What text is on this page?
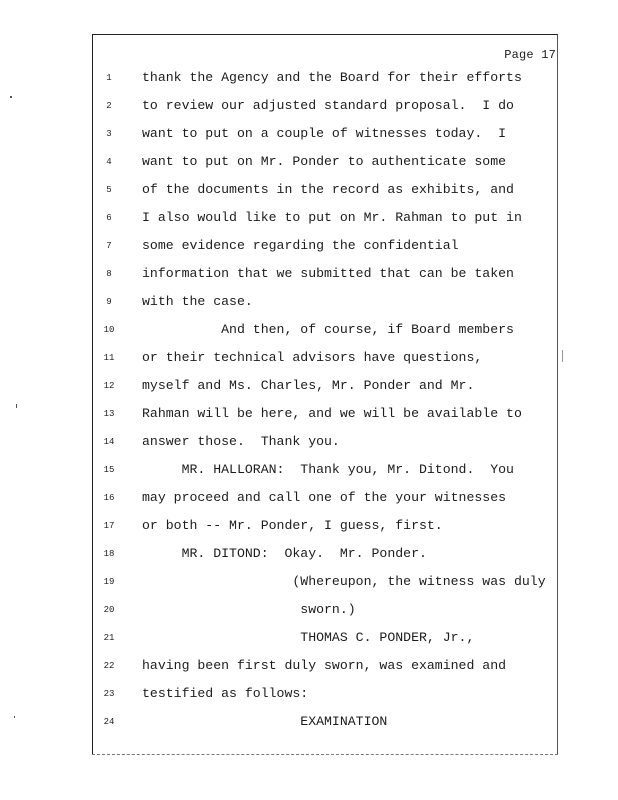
Page 17
1	thank the Agency and the Board for their efforts
2	to review our adjusted standard proposal.  I do
3	want to put on a couple of witnesses today.  I
4	want to put on Mr. Ponder to authenticate some
5	of the documents in the record as exhibits, and
6	I also would like to put on Mr. Rahman to put in
7	some evidence regarding the confidential
8	information that we submitted that can be taken
9	with the case.
10	And then, of course, if Board members
11	or their technical advisors have questions,
12	myself and Ms. Charles, Mr. Ponder and Mr.
13	Rahman will be here, and we will be available to
14	answer those.  Thank you.
15	MR. HALLORAN:  Thank you, Mr. Ditond.  You
16	may proceed and call one of the your witnesses
17	or both -- Mr. Ponder, I guess, first.
18	MR. DITOND:  Okay.  Mr. Ponder.
19	(Whereupon, the witness was duly
20	sworn.)
21	THOMAS C. PONDER, Jr.,
22	having been first duly sworn, was examined and
23	testified as follows:
24	EXAMINATION
